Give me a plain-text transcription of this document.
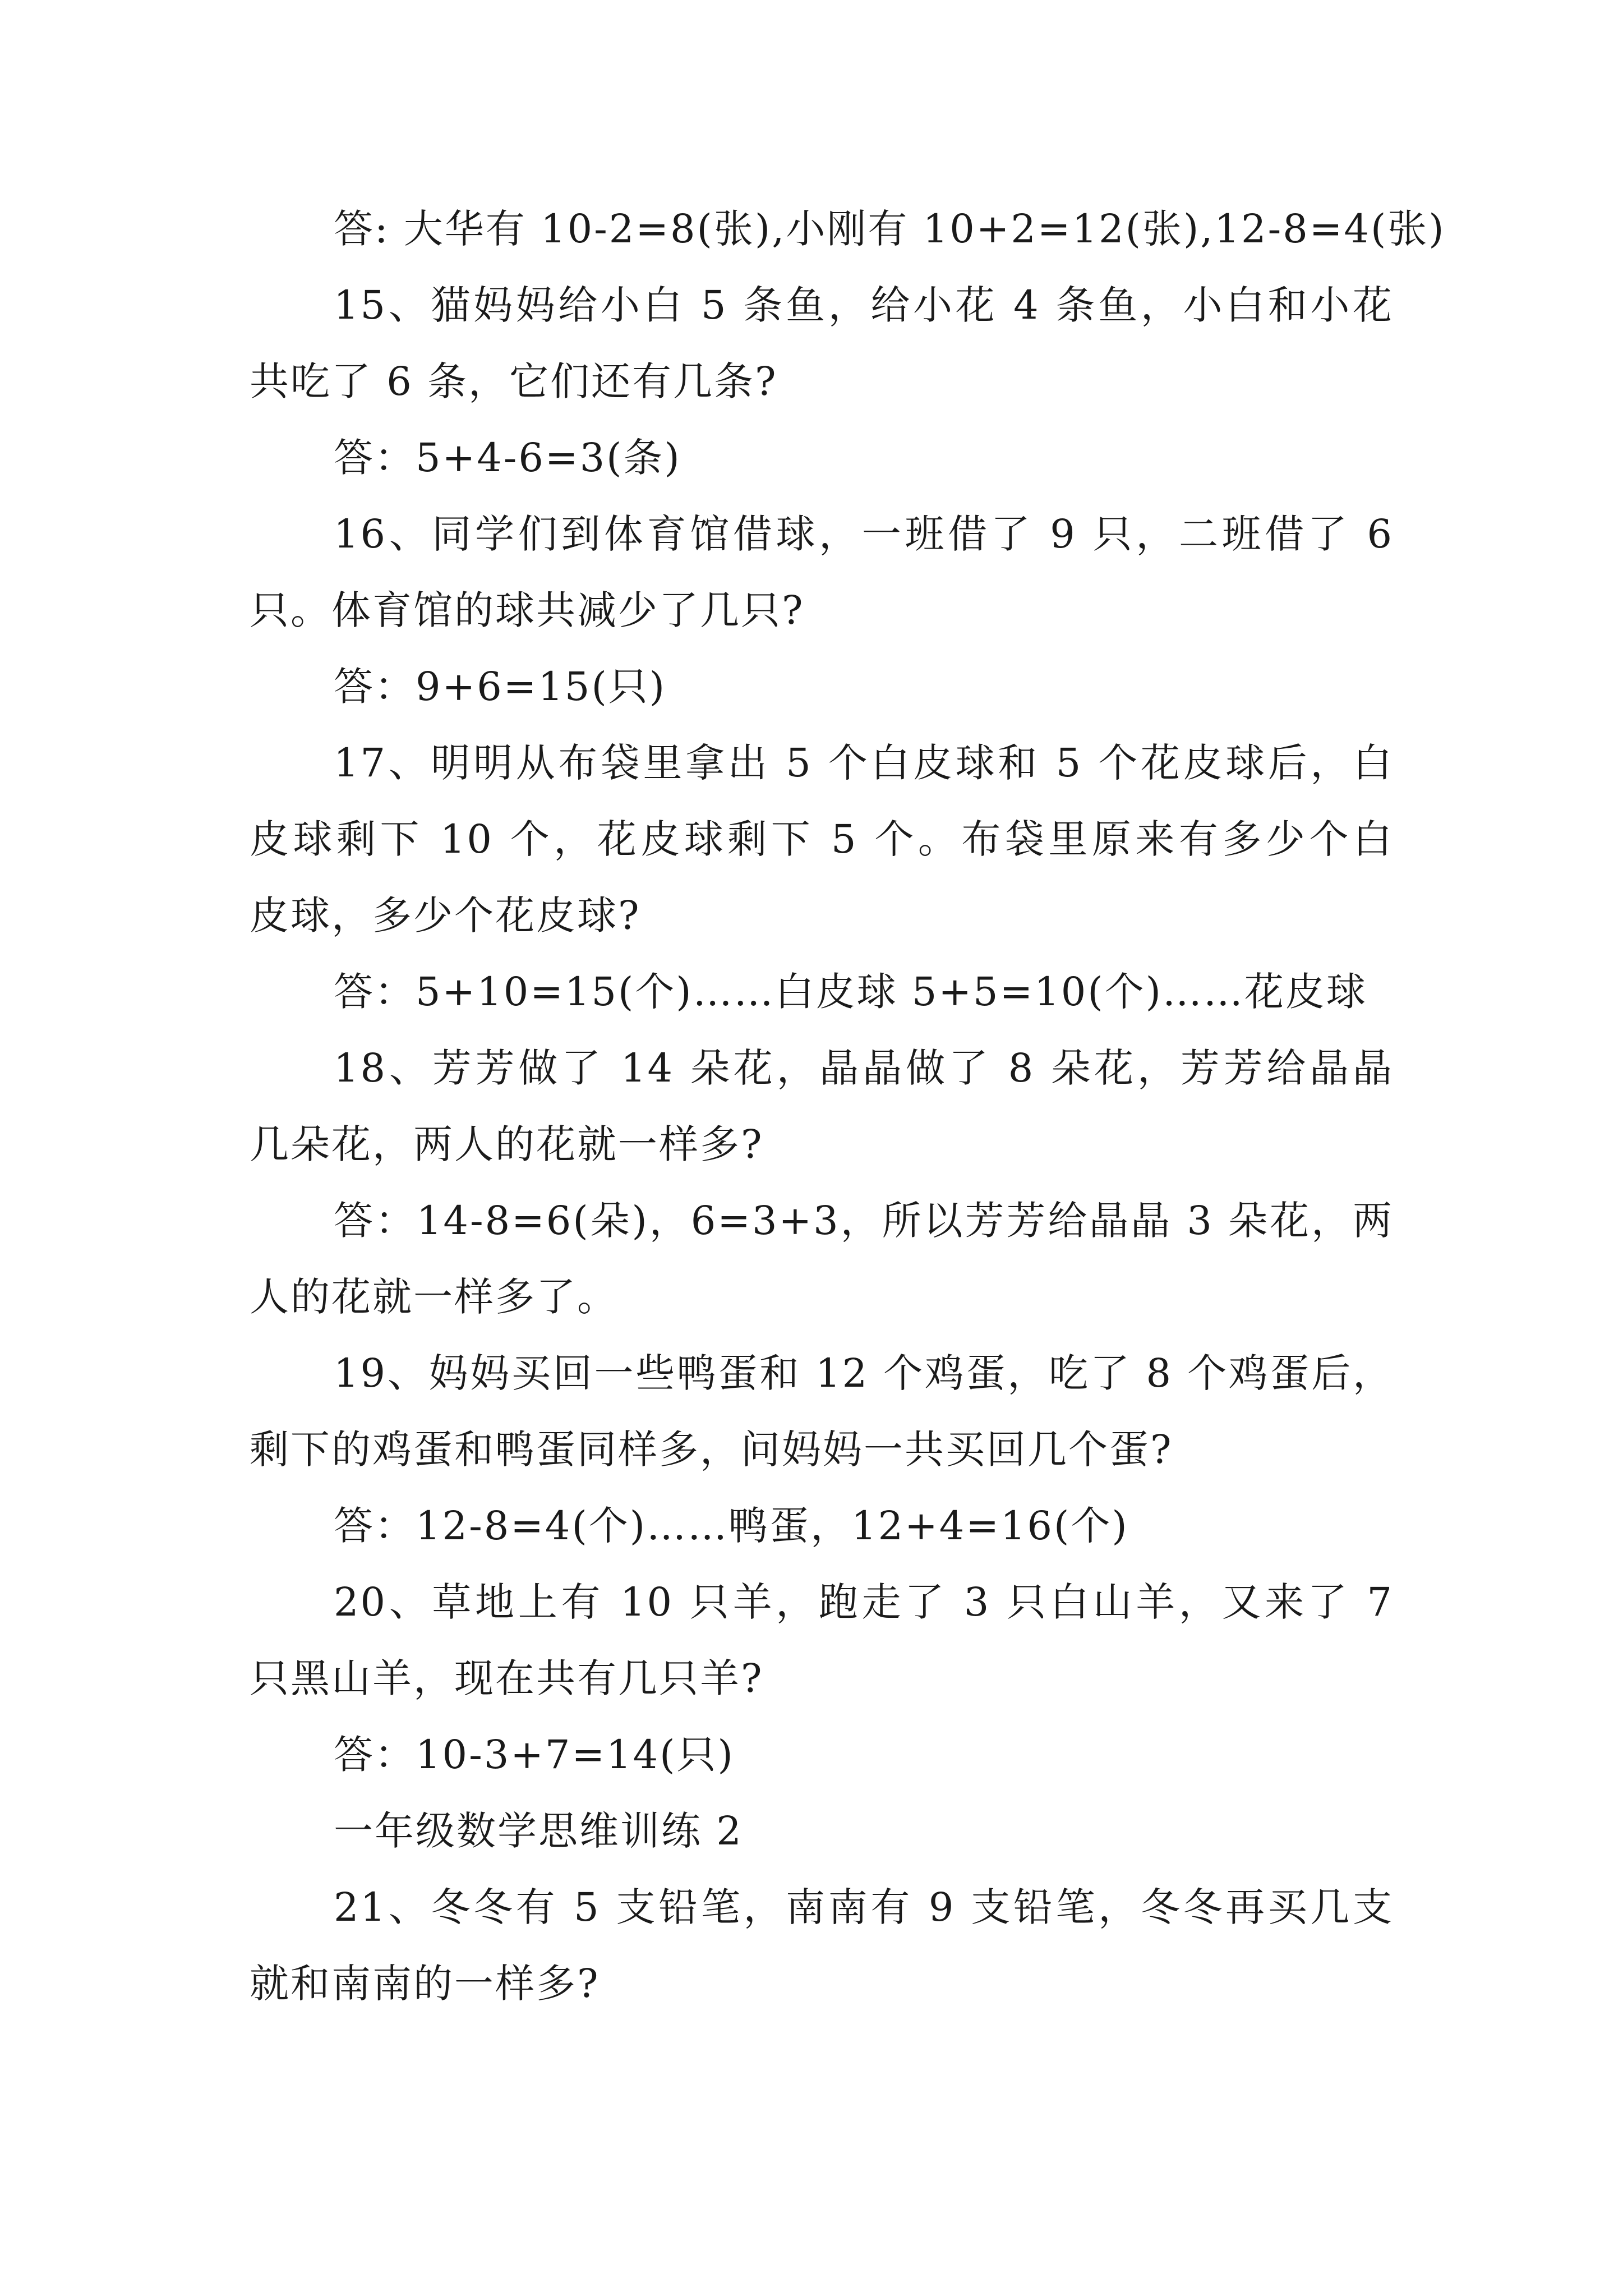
答: 大华有 10-2=8(张),小刚有 10+2=12(张),12-8=4(张)
15、猫妈妈给小白 5 条鱼，给小花 4 条鱼，小白和小花
共吃了 6 条，它们还有几条?
答：5+4-6=3(条)
16、同学们到体育馆借球，一班借了 9 只，二班借了 6
只。体育馆的球共减少了几只?
答：9+6=15(只)
17、明明从布袋里拿出 5 个白皮球和 5 个花皮球后，白
皮球剩下 10 个，花皮球剩下 5 个。布袋里原来有多少个白
皮球，多少个花皮球?
答：5+10=15(个)……白皮球 5+5=10(个)……花皮球
18、芳芳做了 14 朵花，晶晶做了 8 朵花，芳芳给晶晶
几朵花，两人的花就一样多?
答：14-8=6(朵)，6=3+3，所以芳芳给晶晶 3 朵花，两
人的花就一样多了。
19、妈妈买回一些鸭蛋和 12 个鸡蛋，吃了 8 个鸡蛋后，
剩下的鸡蛋和鸭蛋同样多，问妈妈一共买回几个蛋?
答：12-8=4(个)……鸭蛋，12+4=16(个)
20、草地上有 10 只羊，跑走了 3 只白山羊，又来了 7
只黑山羊，现在共有几只羊?
答：10-3+7=14(只)
一年级数学思维训练 2
21、冬冬有 5 支铅笔，南南有 9 支铅笔，冬冬再买几支
就和南南的一样多?
